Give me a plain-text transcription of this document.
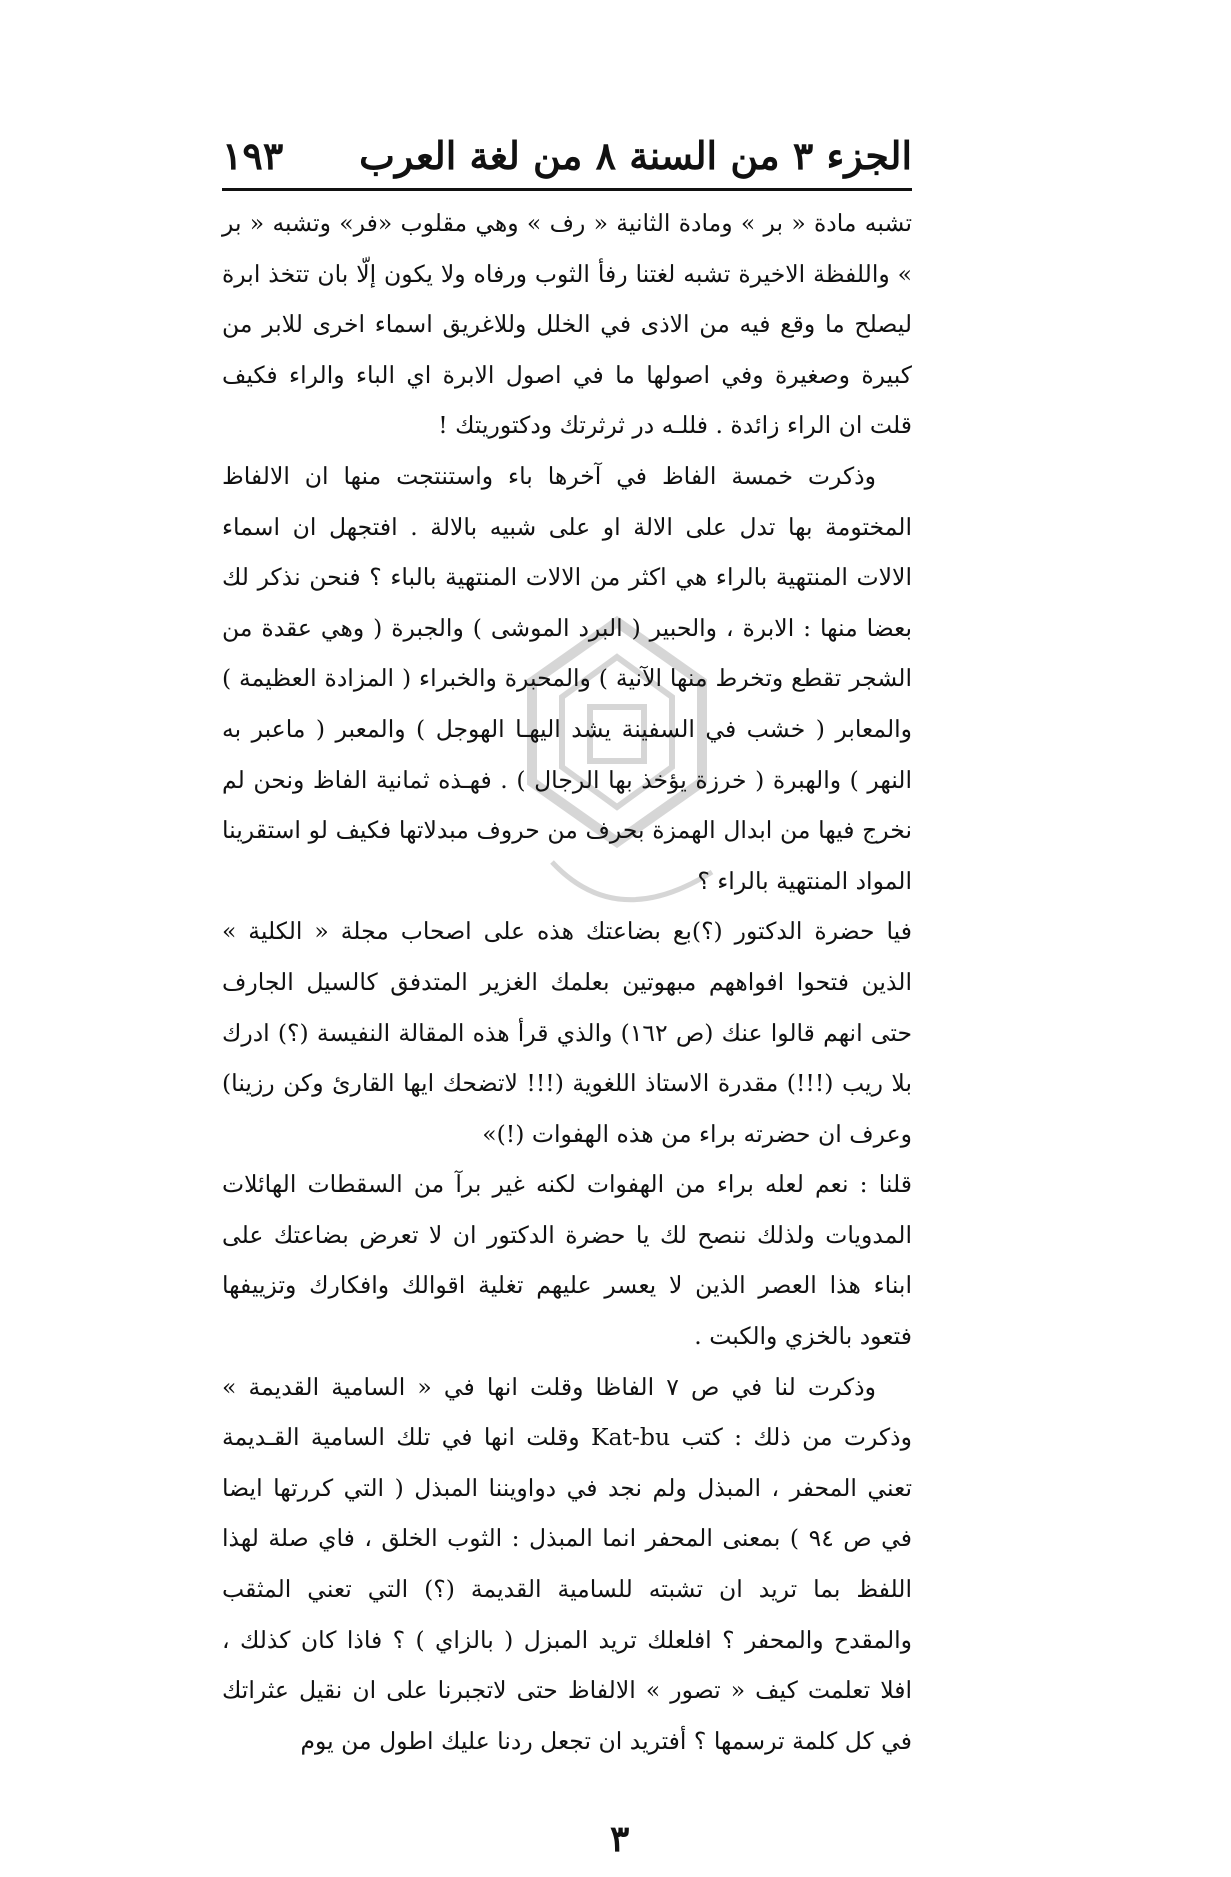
الجزء ٣ من السنة ٨ من لغة العرب
١٩٣

تشبه مادة « بر » ومادة الثانية « رف » وهي مقلوب «فر» وتشبه « بر » واللفظة الاخيرة تشبه لغتنا رفأ الثوب ورفاه ولا يكون إلّا بان تتخذ ابرة ليصلح ما وقع فيه من الاذى في الخلل وللاغريق اسماء اخرى للابر من كبيرة وصغيرة وفي اصولها ما في اصول الابرة اي الباء والراء فكيف قلت ان الراء زائدة . فللـه در ثرثرتك ودكتوريتك !

وذكرت خمسة الفاظ في آخرها باء واستنتجت منها ان الالفاظ المختومة بها تدل على الالة او على شبيه بالالة . افتجهل ان اسماء الالات المنتهية بالراء هي اكثر من الالات المنتهية بالباء ؟ فنحن نذكر لك بعضا منها : الابرة ، والحبير ( البرد الموشى ) والجبرة ( وهي عقدة من الشجر تقطع وتخرط منها الآنية ) والمحبرة والخبراء ( المزادة العظيمة ) والمعابر ( خشب في السفينة يشد اليهـا الهوجل ) والمعبر ( ماعبر به النهر ) والهبرة ( خرزة يؤخذ بها الرجال ) . فهـذه ثمانية الفاظ ونحن لم نخرج فيها من ابدال الهمزة بحرف من حروف مبدلاتها فكيف لو استقرينا المواد المنتهية بالراء ؟

فيا حضرة الدكتور (؟)بع بضاعتك هذه على اصحاب مجلة « الكلية » الذين فتحوا افواههم مبهوتين بعلمك الغزير المتدفق كالسيل الجارف حتى انهم قالوا عنك (ص ١٦٢) والذي قرأ هذه المقالة النفيسة (؟) ادرك بلا ريب (!!!) مقدرة الاستاذ اللغوية (!!! لاتضحك ايها القارئ وكن رزينا) وعرف ان حضرته براء من هذه الهفوات (!)»

قلنا : نعم لعله براء من الهفوات لكنه غير برآ من السقطات الهائلات المدويات ولذلك ننصح لك يا حضرة الدكتور ان لا تعرض بضاعتك على ابناء هذا العصر الذين لا يعسر عليهم تغلية اقوالك وافكارك وتزييفها فتعود بالخزي والكبت .

وذكرت لنا في ص ٧ الفاظا وقلت انها في « السامية القديمة » وذكرت من ذلك : كتب Kat-bu وقلت انها في تلك السامية القـديمة تعني المحفر ، المبذل ولم نجد في دواويننا المبذل ( التي كررتها ايضا في ص ٩٤ ) بمعنى المحفر انما المبذل : الثوب الخلق ، فاي صلة لهذا اللفظ بما تريد ان تشبته للسامية القديمة (؟) التي تعني المثقب والمقدح والمحفر ؟ افلعلك تريد المبزل ( بالزاي ) ؟ فاذا كان كذلك ، افلا تعلمت كيف « تصور » الالفاظ حتى لاتجبرنا على ان نقيل عثراتك في كل كلمة ترسمها ؟ أفتريد ان تجعل ردنا عليك اطول من يوم

٣
